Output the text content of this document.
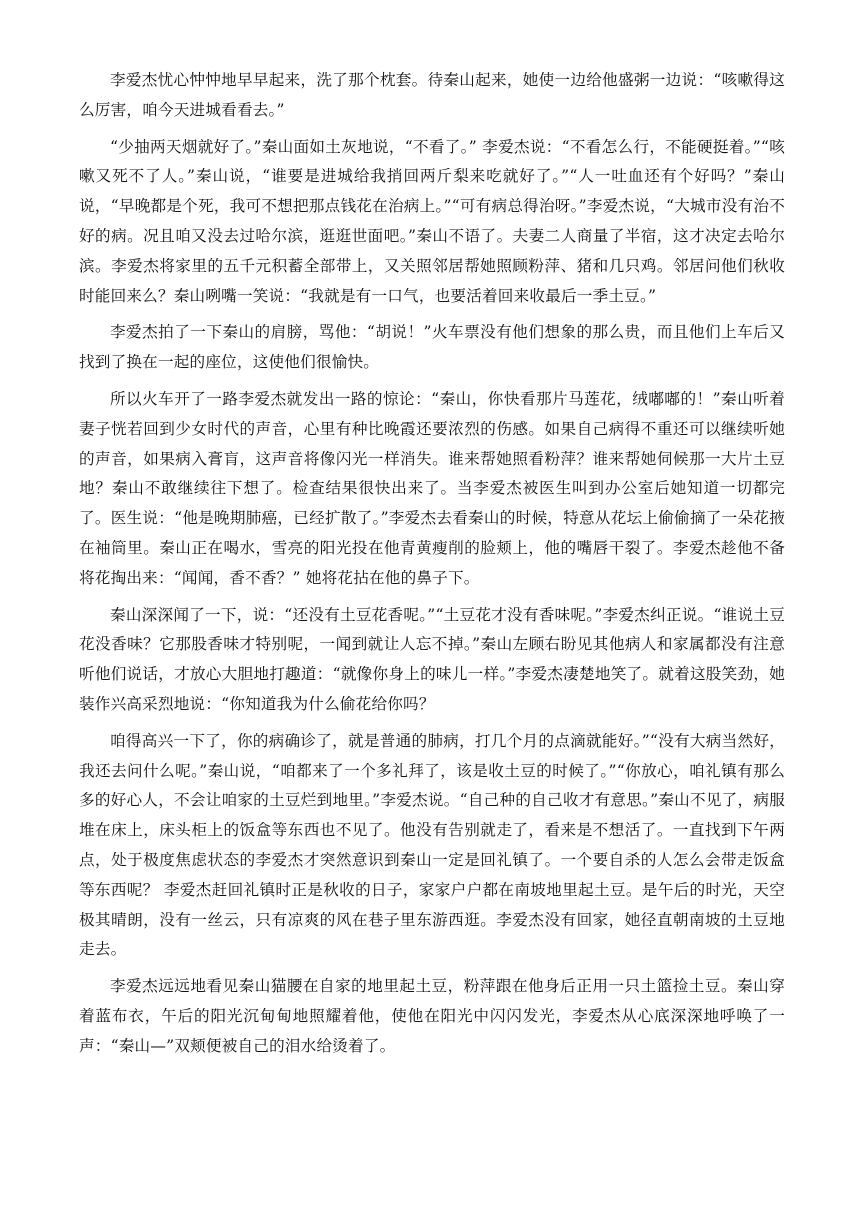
李爱杰忧心忡忡地早早起来，洗了那个枕套。待秦山起来，她使一边给他盛粥一边说：“咳嗽得这么厉害，咱今天进城看看去。”

“少抽两天烟就好了。”秦山面如土灰地说，“不看了。” 李爱杰说：“不看怎么行，不能硬挺着。”“咳嗽又死不了人。”秦山说，“谁要是进城给我捎回两斤梨来吃就好了。”“人一吐血还有个好吗？”秦山说，“早晚都是个死，我可不想把那点钱花在治病上。”“可有病总得治呀。”李爱杰说，“大城市没有治不好的病。况且咱又没去过哈尔滨，逛逛世面吧。”秦山不语了。夫妻二人商量了半宿，这才决定去哈尔滨。李爱杰将家里的五千元积蓄全部带上，又关照邻居帮她照顾粉萍、猪和几只鸡。邻居问他们秋收时能回来么？秦山咧嘴一笑说：“我就是有一口气，也要活着回来收最后一季土豆。”

李爱杰拍了一下秦山的肩膀，骂他：“胡说！”火车票没有他们想象的那么贵，而且他们上车后又找到了换在一起的座位，这使他们很愉快。

所以火车开了一路李爱杰就发出一路的惊论：“秦山，你快看那片马莲花，绒嘟嘟的！”秦山听着妻子恍若回到少女时代的声音，心里有种比晚霞还要浓烈的伤感。如果自己病得不重还可以继续听她的声音，如果病入膏肓，这声音将像闪光一样消失。谁来帮她照看粉萍？谁来帮她伺候那一大片土豆地？秦山不敢继续往下想了。检查结果很快出来了。当李爱杰被医生叫到办公室后她知道一切都完了。医生说：“他是晚期肺癌，已经扩散了。”李爱杰去看秦山的时候，特意从花坛上偷偷摘了一朵花掖在袖筒里。秦山正在喝水，雪亮的阳光投在他青黄瘦削的脸颊上，他的嘴唇干裂了。李爱杰趁他不备将花掏出来：“闻闻，香不香？” 她将花拈在他的鼻子下。

秦山深深闻了一下，说：“还没有土豆花香呢。”“土豆花才没有香味呢。”李爱杰纠正说。“谁说土豆花没香味？它那股香味才特别呢，一闻到就让人忘不掉。”秦山左顾右盼见其他病人和家属都没有注意听他们说话，才放心大胆地打趣道：“就像你身上的味儿一样。”李爱杰凄楚地笑了。就着这股笑劲，她装作兴高采烈地说：“你知道我为什么偷花给你吗？

咱得高兴一下了，你的病确诊了，就是普通的肺病，打几个月的点滴就能好。”“没有大病当然好，我还去问什么呢。”秦山说，“咱都来了一个多礼拜了，该是收土豆的时候了。”“你放心，咱礼镇有那么多的好心人，不会让咱家的土豆烂到地里。”李爱杰说。“自己种的自己收才有意思。”秦山不见了，病服堆在床上，床头柜上的饭盒等东西也不见了。他没有告别就走了，看来是不想活了。一直找到下午两点，处于极度焦虑状态的李爱杰才突然意识到秦山一定是回礼镇了。一个要自杀的人怎么会带走饭盒等东西呢？ 李爱杰赶回礼镇时正是秋收的日子，家家户户都在南坡地里起土豆。是午后的时光，天空极其晴朗，没有一丝云，只有凉爽的风在巷子里东游西逛。李爱杰没有回家，她径直朝南坡的土豆地走去。

李爱杰远远地看见秦山猫腰在自家的地里起土豆，粉萍跟在他身后正用一只土篮捡土豆。秦山穿着蓝布衣，午后的阳光沉甸甸地照耀着他，使他在阳光中闪闪发光，李爱杰从心底深深地呼唤了一声：“秦山—”双颊便被自己的泪水给烫着了。
